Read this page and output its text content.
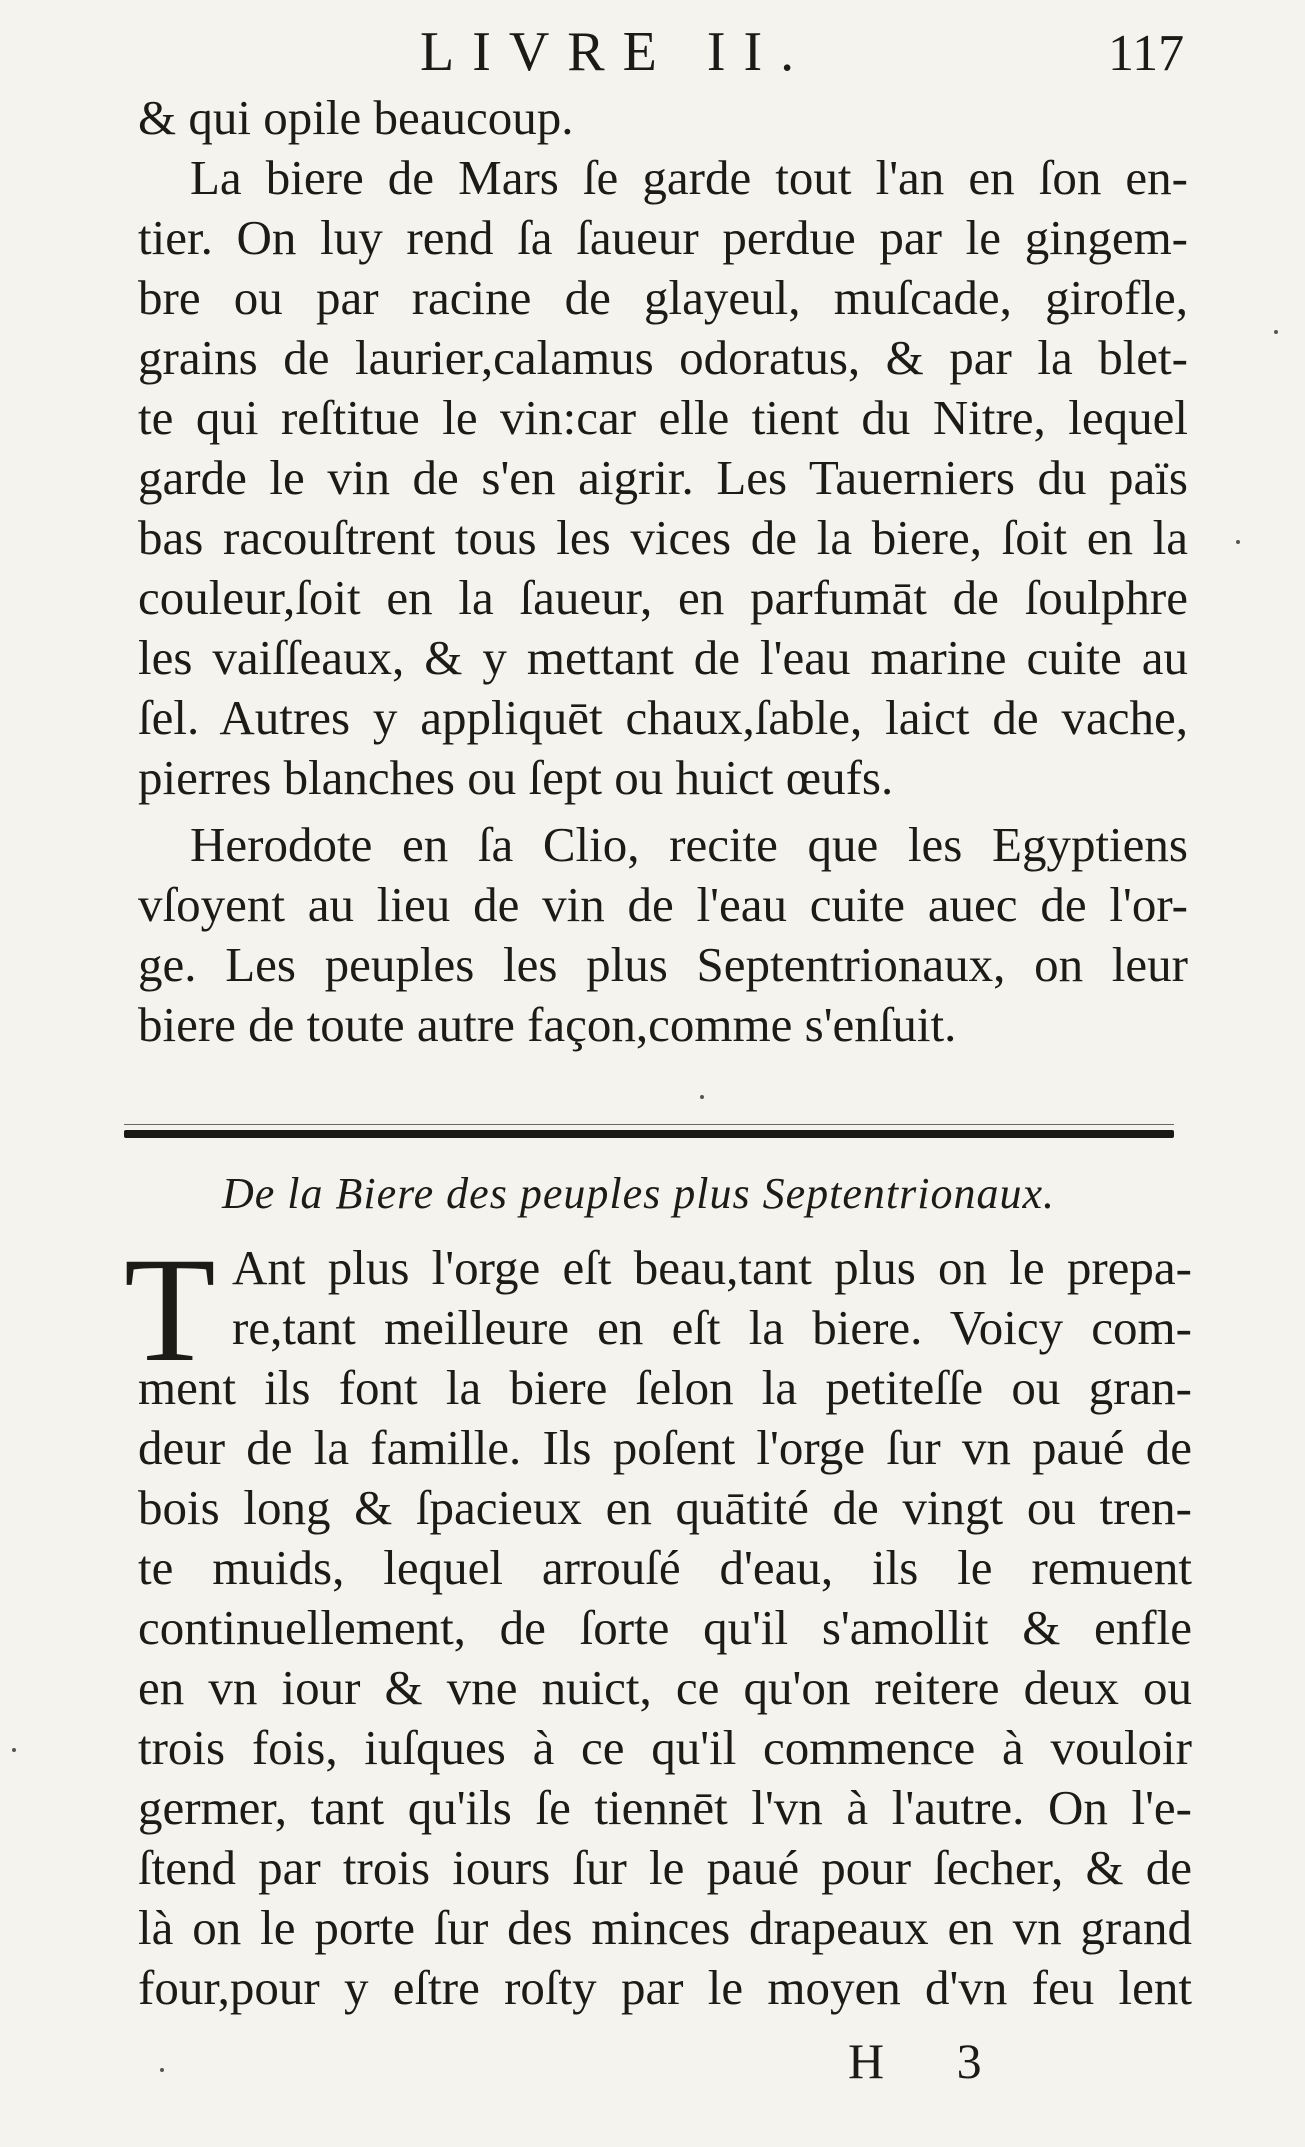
LIVRE II.	117
& qui opile beaucoup.
La biere de Mars ſe garde tout l'an en ſon en-
tier. On luy rend ſa ſaueur perdue par le gingem-
bre ou par racine de glayeul, muſcade, girofle,
grains de laurier,calamus odoratus, & par la blet-
te qui reſtitue le vin:car elle tient du Nitre, lequel
garde le vin de s'en aigrir. Les Tauerniers du païs
bas racouſtrent tous les vices de la biere, ſoit en la
couleur,ſoit en la ſaueur, en parfumāt de ſoulphre
les vaiſſeaux, & y mettant de l'eau marine cuite au
ſel. Autres y appliquēt chaux,ſable, laict de vache,
pierres blanches ou ſept ou huict œufs.
Herodote en ſa Clio, recite que les Egyptiens
vſoyent au lieu de vin de l'eau cuite auec de l'or-
ge. Les peuples les plus Septentrionaux, on leur
biere de toute autre façon,comme s'enſuit.
De la Biere des peuples plus Septentrionaux.
T Ant plus l'orge eſt beau,tant plus on le prepa-
re,tant meilleure en eſt la biere. Voicy com-
ment ils font la biere ſelon la petiteſſe ou gran-
deur de la famille. Ils poſent l'orge ſur vn paué de
bois long & ſpacieux en quātité de vingt ou tren-
te muids, lequel arrouſé d'eau, ils le remuent
continuellement, de ſorte qu'il s'amollit & enfle
en vn iour & vne nuict, ce qu'on reitere deux ou
trois fois, iuſques à ce qu'il commence à vouloir
germer, tant qu'ils ſe tiennēt l'vn à l'autre. On l'e-
ſtend par trois iours ſur le paué pour ſecher, & de
là on le porte ſur des minces drapeaux en vn grand
four,pour y eſtre roſty par le moyen d'vn feu lent
H 3
